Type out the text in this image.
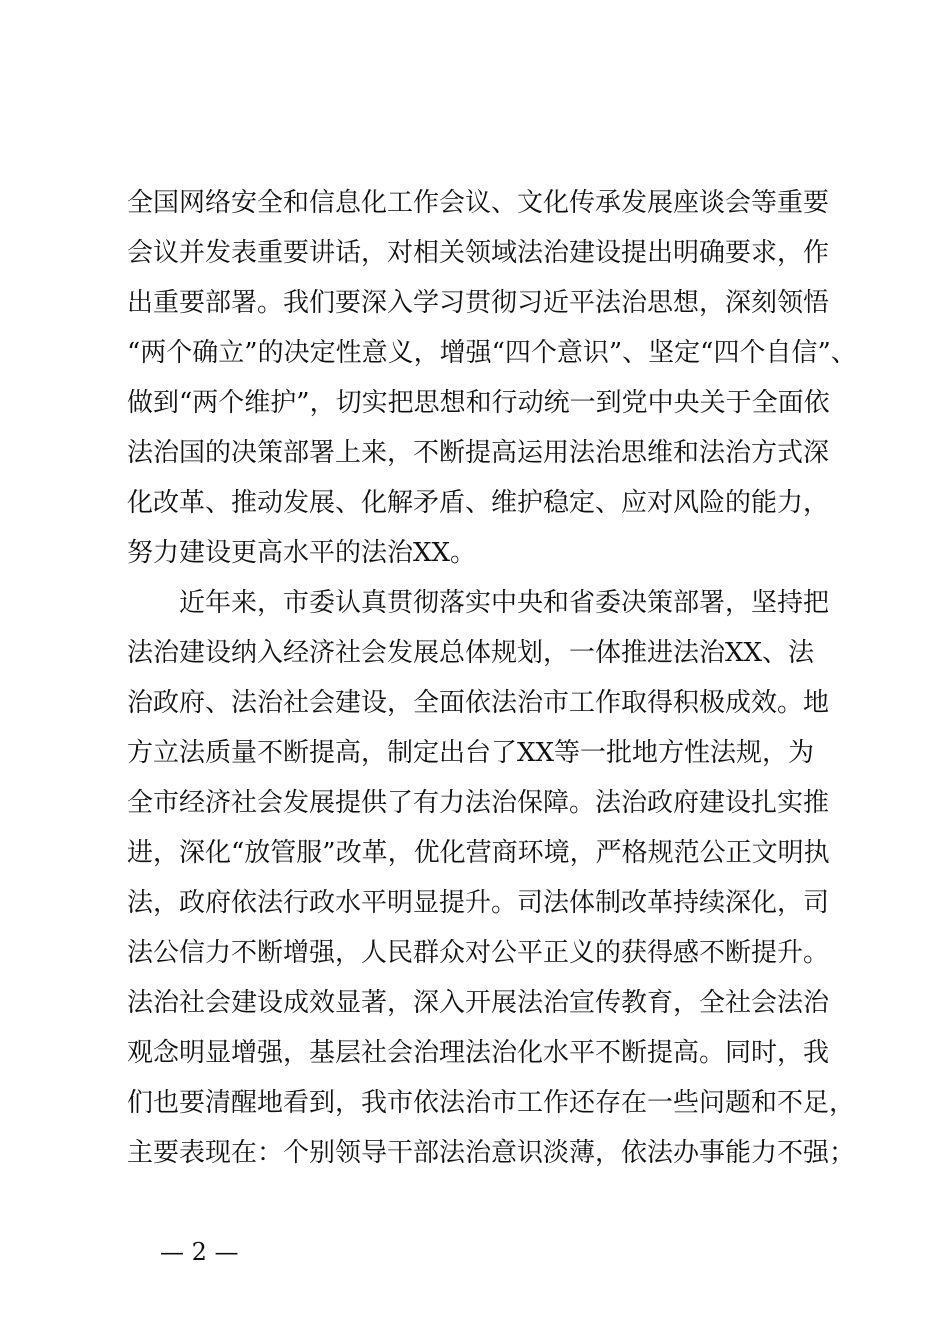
全国网络安全和信息化工作会议、文化传承发展座谈会等重要
会议并发表重要讲话，对相关领域法治建设提出明确要求，作
出重要部署。我们要深入学习贯彻习近平法治思想，深刻领悟
“两个确立”的决定性意义，增强“四个意识”、坚定“四个自信”、
做到“两个维护”，切实把思想和行动统一到党中央关于全面依
法治国的决策部署上来，不断提高运用法治思维和法治方式深
化改革、推动发展、化解矛盾、维护稳定、应对风险的能力，
努力建设更高水平的法治XX。
近年来，市委认真贯彻落实中央和省委决策部署，坚持把
法治建设纳入经济社会发展总体规划，一体推进法治XX、法
治政府、法治社会建设，全面依法治市工作取得积极成效。地
方立法质量不断提高，制定出台了XX等一批地方性法规，为
全市经济社会发展提供了有力法治保障。法治政府建设扎实推
进，深化“放管服”改革，优化营商环境，严格规范公正文明执
法，政府依法行政水平明显提升。司法体制改革持续深化，司
法公信力不断增强，人民群众对公平正义的获得感不断提升。
法治社会建设成效显著，深入开展法治宣传教育，全社会法治
观念明显增强，基层社会治理法治化水平不断提高。同时，我
们也要清醒地看到，我市依法治市工作还存在一些问题和不足，
主要表现在：个别领导干部法治意识淡薄，依法办事能力不强；
— 2 —
